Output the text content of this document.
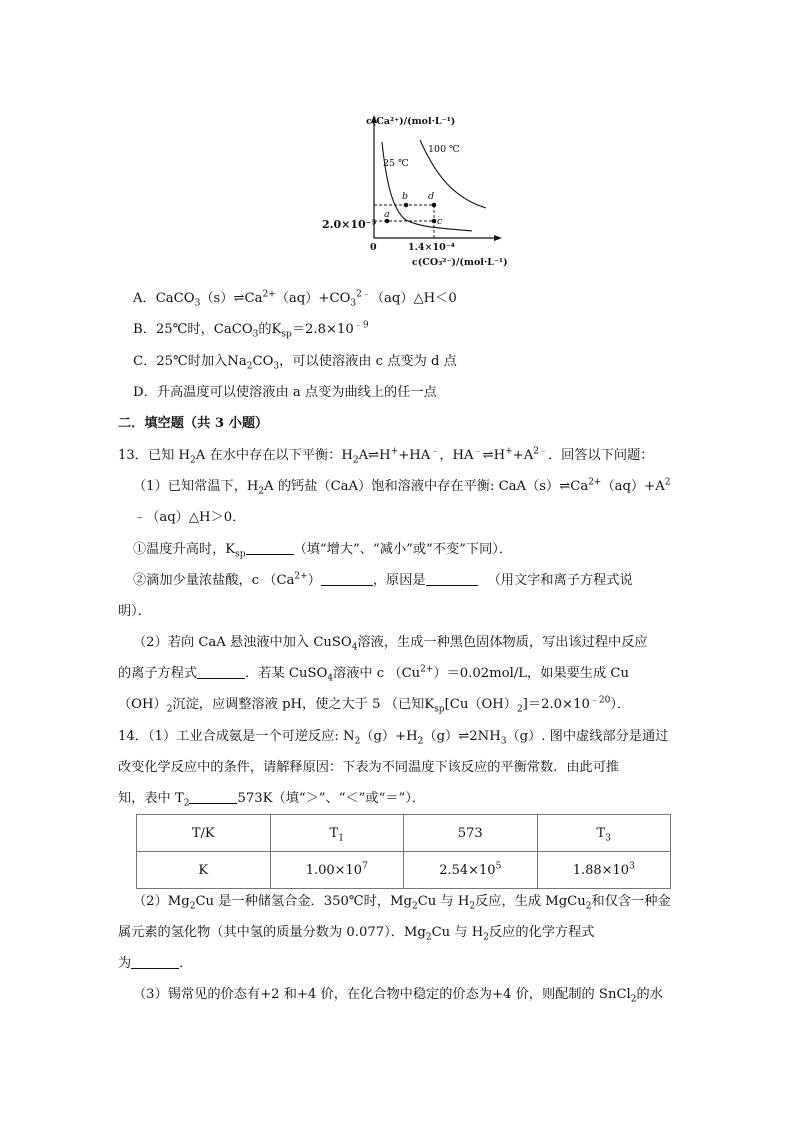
c(Ca²⁺)/(mol·L⁻¹)
25 ℃
100 ℃
b d
a
c
0	1.4×10⁻⁴
c(CO₃²⁻)/(mol·L⁻¹)
2.0×10⁻⁵
A．$CaCO_3(s)\rightleftharpoons Ca^{2+}(aq)+CO_3^{2﹣}(aq)\triangle H<0$
B．25℃时，CaCO$_3$的$K_{sp}=2.8\times 10^{﹣9}$
C．25℃时加入$Na_2CO_3$，可以使溶液由 c 点变为 d 点
D．升高温度可以使溶液由 a 点变为曲线上的任一点
二．填空题（共 3 小题）
13．已知 $H_2A$ 在水中存在以下平衡：$H_2A\rightleftharpoons H^++HA^﹣$，$HA^﹣\rightleftharpoons H^++A^{2﹣}$．回答以下问题：
（1）已知常温下，$H_2A$ 的钙盐（CaA）饱和溶液中存在平衡: $CaA(s)\rightleftharpoons Ca^{2+}(aq)+A^2$
﹣（aq）△H＞0．
①温度升高时，$K_{sp}$	（填“增大”、“减小”或“不变”下同）．
②滴加少量浓盐酸，c $(Ca^{2+})$	，原因是	（用文字和离子方程式说
明）．
（2）若向 CaA 悬浊液中加入 CuSO$_4$溶液，生成一种黑色固体物质，写出该过程中反应
的离子方程式	．若某 CuSO$_4$溶液中 c $(Cu^{2+})=0.02mol/L$，如果要生成 Cu
$(OH)_2$沉淀，应调整溶液 pH，使之大于 5 （已知$K_{sp}[Cu(OH)_2]=2.0\times 10^{﹣20}$）．
14．（1）工业合成氨是一个可逆反应: $N_2(g)+H_2(g)\rightleftharpoons 2NH_3(g)$. 图中虚线部分是通过
改变化学反应中的条件，请解释原因：下表为不同温度下该反应的平衡常数．由此可推
知，表中 $T_2$	573K（填“＞”、“＜”或“＝”）．
T/K	$T_1$	573	$T_3$
K	$1.00\times 10^7$	$2.54\times 10^5$	$1.88\times 10^3$
$(2)Mg_2Cu$ 是一种储氢合金．350℃时，$Mg_2Cu$ 与 $H_2$反应，生成 MgCu$_2$和仅含一种金
属元素的氢化物（其中氢的质量分数为 0.077）．$Mg_2Cu$ 与 $H_2$反应的化学方程式
为	．
（3）锡常见的价态有+2 和+4 价，在化合物中稳定的价态为+4 价，则配制的 SnCl$_2$的水
